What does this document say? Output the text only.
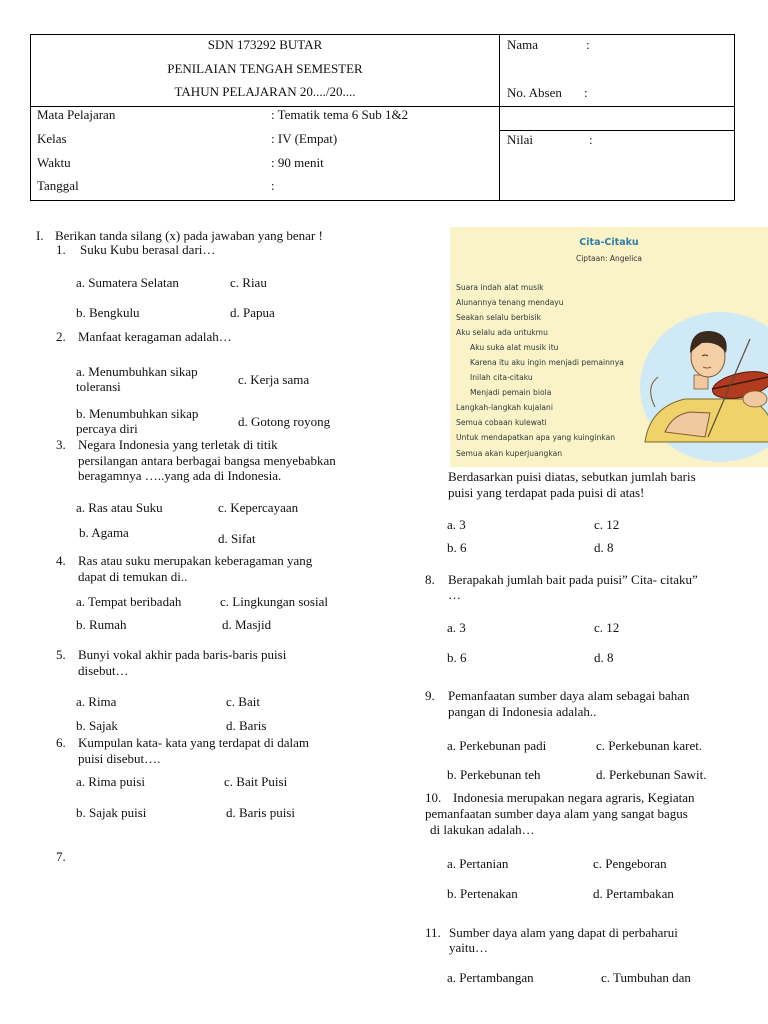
SDN 173292 BUTAR
PENILAIAN TENGAH SEMESTER
TAHUN PELAJARAN 20..../20....
Mata Pelajaran	: Tematik tema 6 Sub 1&2
Kelas	: IV (Empat)
Waktu	: 90 menit
Tanggal	:
Nama	:
No. Absen :
Nilai	:
I. Berikan tanda silang (x) pada jawaban yang benar !
1. Suku Kubu berasal dari…
a. Sumatera Selatan	c. Riau
b. Bengkulu	d. Papua
2. Manfaat keragaman adalah…
a. Menumbuhkan sikap
toleransi	c. Kerja sama
b. Menumbuhkan sikap
percaya diri	d. Gotong royong
3. Negara Indonesia yang terletak di titik
persilangan antara berbagai bangsa menyebabkan
beragamnya …..yang ada di Indonesia.
a. Ras atau Suku	c. Kepercayaan
b. Agama	d. Sifat
4. Ras atau suku merupakan keberagaman yang
dapat di temukan di..
a. Tempat beribadah	c. Lingkungan sosial
b. Rumah	d. Masjid
5. Bunyi vokal akhir pada baris-baris puisi
disebut…
a. Rima	c. Bait
b. Sajak	d. Baris
6. Kumpulan kata- kata yang terdapat di dalam
puisi disebut….
a. Rima puisi	c. Bait Puisi
b. Sajak puisi	d. Baris puisi
7.
Cita-Citaku
Ciptaan: Angelica
Suara indah alat musik
Alunannya tenang mendayu
Seakan selalu berbisik
Aku selalu ada untukmu
Aku suka alat musik itu
Karena itu aku ingin menjadi pemainnya
Inilah cita-citaku
Menjadi pemain biola
Langkah-langkah kujalani
Semua cobaan kulewati
Untuk mendapatkan apa yang kuinginkan
Semua akan kuperjuangkan
Berdasarkan puisi diatas, sebutkan jumlah baris
puisi yang terdapat pada puisi di atas!
a. 3	c. 12
b. 6	d. 8
8. Berapakah jumlah bait pada puisi” Cita- citaku”
…
a. 3	c. 12
b. 6	d. 8
9. Pemanfaatan sumber daya alam sebagai bahan
pangan di Indonesia adalah..
a. Perkebunan padi	c. Perkebunan karet.
b. Perkebunan teh	d. Perkebunan Sawit.
10. Indonesia merupakan negara agraris, Kegiatan
pemanfaatan sumber daya alam yang sangat bagus
di lakukan adalah…
a. Pertanian	c. Pengeboran
b. Pertenakan	d. Pertambakan
11. Sumber daya alam yang dapat di perbaharui
yaitu…
a. Pertambangan	c. Tumbuhan dan
